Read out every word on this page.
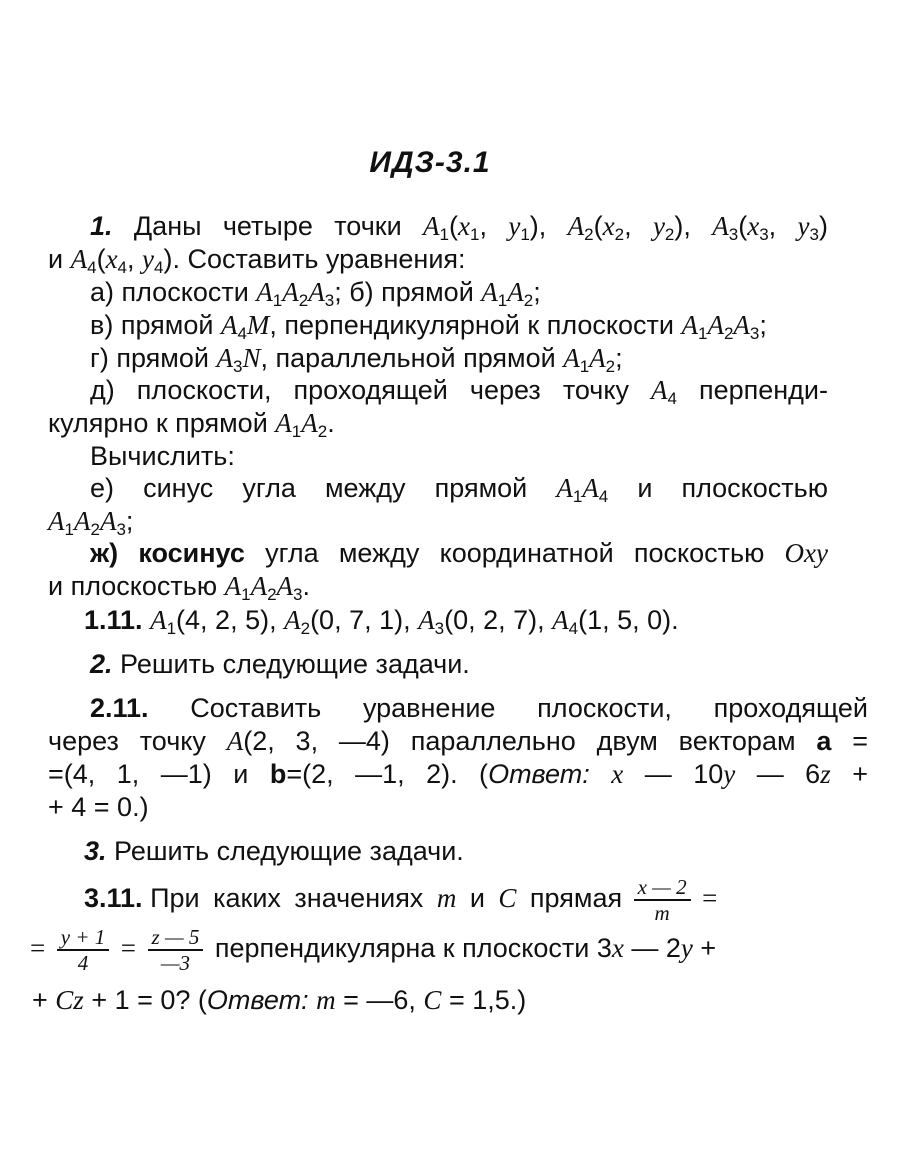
ИДЗ-3.1
1. Даны четыре точки $A_1(x_1$, $y_1$), $A_2(x_2$, $y_2$), $A_3(x_3$, $y_3$)
и $A_4(x_4$, $y_4$). Составить уравнения:
а) плоскости $A_1A_2A_3$; б) прямой $A_1A_2$;
в) прямой $A_4M$, перпендикулярной к плоскости $A_1A_2A_3$;
г) прямой $A_3N$, параллельной прямой $A_1A_2$;
д) плоскости, проходящей через точку $A_4$ перпенди-
кулярно к прямой $A_1A_2$.
Вычислить:
е) синус угла между прямой $A_1A_4$ и плоскостью
$A_1A_2A_3$;
ж) косинус угла между координатной поскостью Oxy
и плоскостью $A_1A_2A_3$.
1.11. $A_1(4$, 2, 5), $A_2(0$, 7, 1), $A_3(0$, 2, 7), $A_4(1$, 5, 0).
2. Решить следующие задачи.
2.11. Составить уравнение плоскости, проходящей
через точку A(2, 3, —4) параллельно двум векторам a =
=(4, 1, —1) и b=(2, —1, 2). (Ответ: x — 10y — 6z +
+ 4 = 0.)
3. Решить следующие задачи.
3.11. При каких значениях m и C прямая $\frac{x — 2}{m}$ =
= $\frac{y + 1}{4} = \frac{z — 5}{—3}$ перпендикулярна к плоскости 3x — 2y +
+ Cz + 1 = 0? (Ответ: m = —6, C = 1,5.)
